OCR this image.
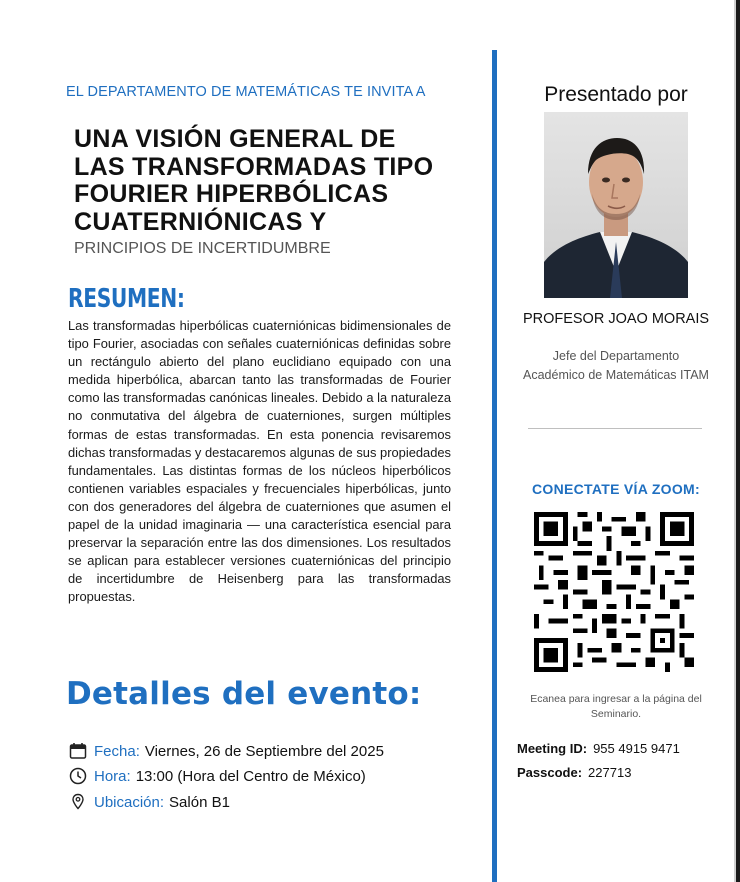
EL DEPARTAMENTO DE MATEMÁTICAS TE INVITA A
UNA VISIÓN GENERAL DE
LAS TRANSFORMADAS TIPO
FOURIER HIPERBÓLICAS
CUATERNIÓNICAS Y
PRINCIPIOS DE INCERTIDUMBRE
RESUMEN:
Las transformadas hiperbólicas cuaterniónicas bidimensionales de tipo Fourier, asociadas con señales cuaterniónicas definidas sobre un rectángulo abierto del plano euclidiano equipado con una medida hiperbólica, abarcan tanto las transformadas de Fourier como las transformadas canónicas lineales. Debido a la naturaleza no conmutativa del álgebra de cuaterniones, surgen múltiples formas de estas transformadas. En esta ponencia revisaremos dichas transformadas y destacaremos algunas de sus propiedades fundamentales. Las distintas formas de los núcleos hiperbólicos contienen variables espaciales y frecuenciales hiperbólicas, junto con dos generadores del álgebra de cuaterniones que asumen el papel de la unidad imaginaria — una característica esencial para preservar la separación entre las dos dimensiones. Los resultados se aplican para establecer versiones cuaterniónicas del principio de incertidumbre de Heisenberg para las transformadas propuestas.
Detalles del evento:
Fecha: Viernes, 26 de Septiembre del 2025
Hora: 13:00 (Hora del Centro de México)
Ubicación: Salón B1
Presentado por
PROFESOR JOAO MORAIS
Jefe del Departamento
Académico de Matemáticas ITAM
CONECTATE VÍA ZOOM:
Ecanea para ingresar a la página del Seminario.
Meeting ID: 955 4915 9471
Passcode: 227713
